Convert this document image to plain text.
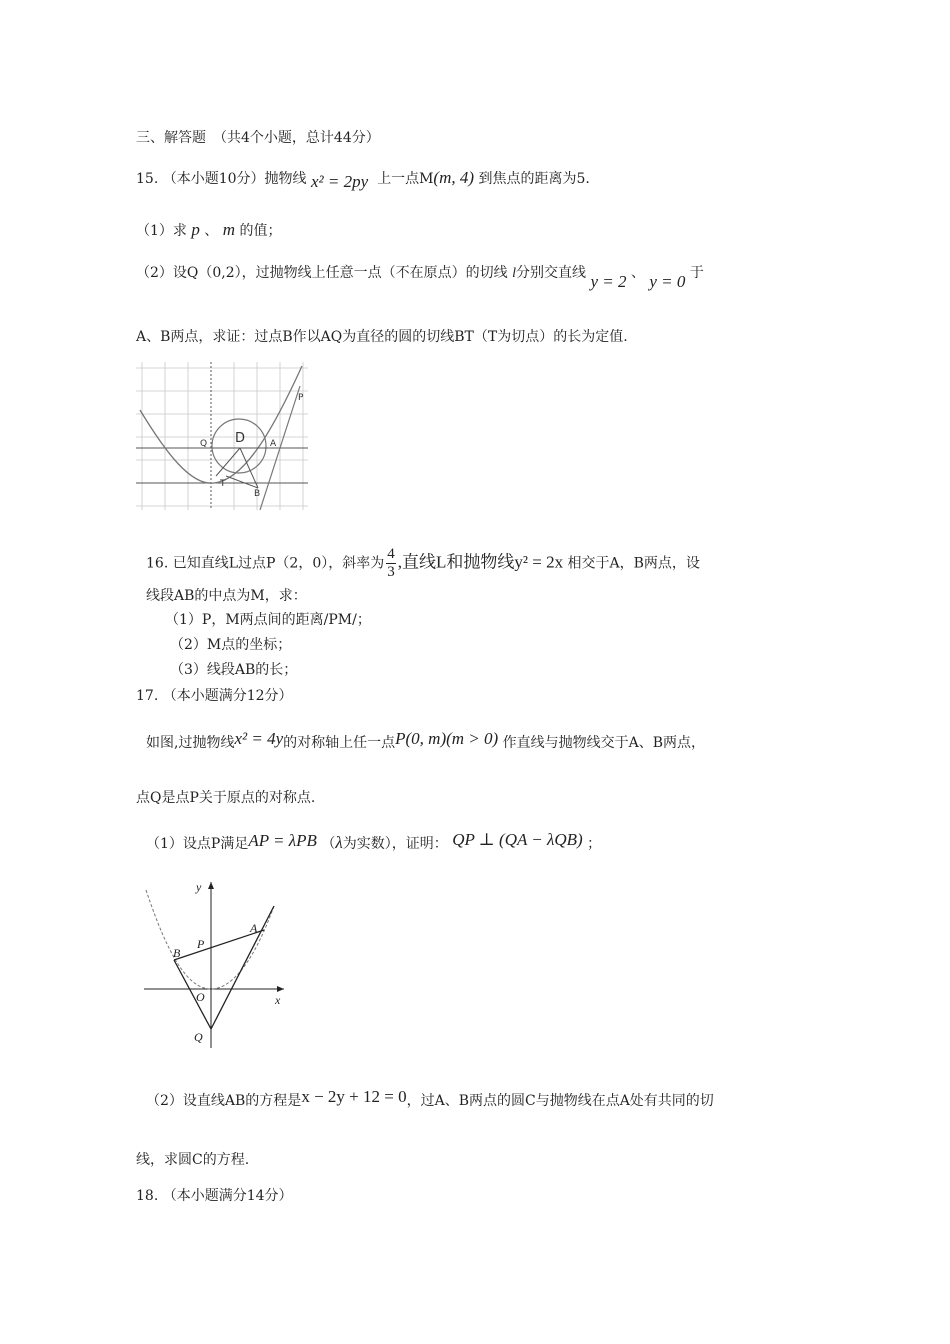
三、解答题　（共4个小题，总计44分）
15. （本小题10分）抛物线 x² = 2py 上一点M(m, 4) 到焦点的距离为5.
（1）求 p 、 m 的值；
（2）设Q（0,2），过抛物线上任意一点（不在原点）的切线 l分别交直线 y = 2 、 y = 0 于
A、B两点，求证：过点B作以AQ为直径的圆的切线BT（T为切点）的长为定值.
P
Q D	A
T
B
16. 已知直线L过点P（2，0），斜率为 $\frac{4}{3}$ ,直线L和抛物线y² = 2x 相交于A，B两点，设
线段AB的中点为M，求：
（1）P，M两点间的距离/PM/；
（2）M点的坐标；
（3）线段AB的长；
17. （本小题满分12分）
如图,过抛物线x² = 4y的对称轴上任一点P(0, m)(m > 0) 作直线与抛物线交于A、B两点，
点Q是点P关于原点的对称点.
（1）设点P满足AP = λPB （λ为实数），证明： QP ⊥ (QA − λQB) ；
y
x
A
B
P
O
Q
（2）设直线AB的方程是x − 2y + 12 = 0，过A、B两点的圆C与抛物线在点A处有共同的切
线，求圆C的方程.
18. （本小题满分14分）
